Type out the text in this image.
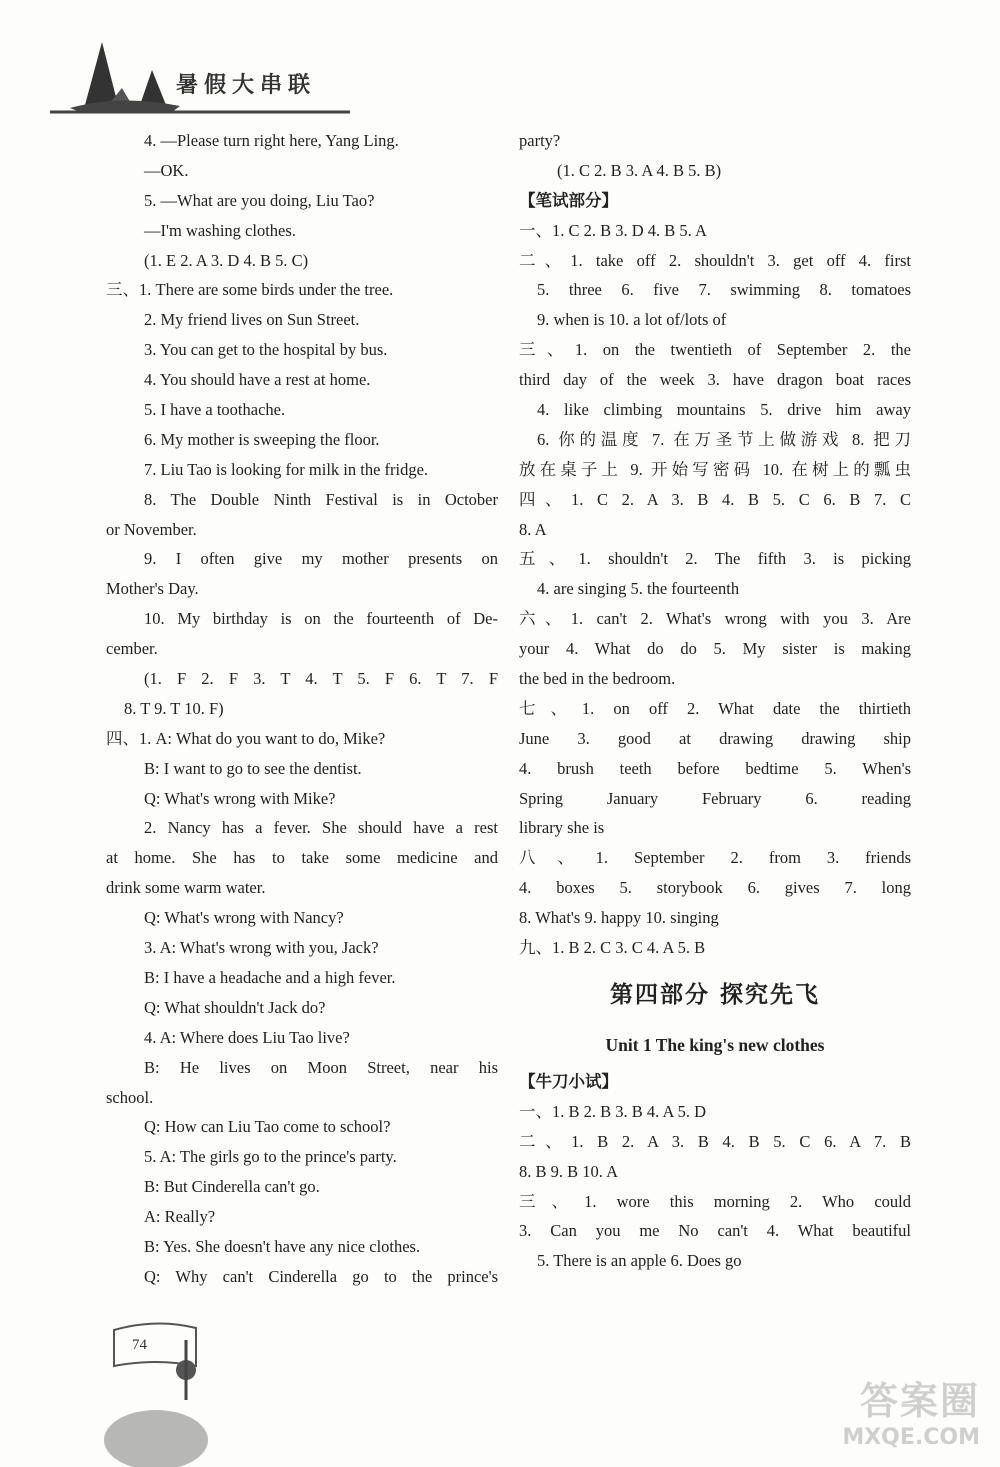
暑假大串联
4. —Please turn right here, Yang Ling.
—OK.
5. —What are you doing, Liu Tao?
—I'm washing clothes.
(1. E 2. A 3. D 4. B 5. C)
三、1. There are some birds under the tree.
2. My friend lives on Sun Street.
3. You can get to the hospital by bus.
4. You should have a rest at home.
5. I have a toothache.
6. My mother is sweeping the floor.
7. Liu Tao is looking for milk in the fridge.
8. The Double Ninth Festival is in October
or November.
9. I often give my mother presents on
Mother's Day.
10. My birthday is on the fourteenth of De-
cember.
(1. F 2. F 3. T 4. T 5. F 6. T 7. F
8. T 9. T 10. F)
四、1. A: What do you want to do, Mike?
B: I want to go to see the dentist.
Q: What's wrong with Mike?
2. Nancy has a fever. She should have a rest
at home. She has to take some medicine and
drink some warm water.
Q: What's wrong with Nancy?
3. A: What's wrong with you, Jack?
B: I have a headache and a high fever.
Q: What shouldn't Jack do?
4. A: Where does Liu Tao live?
B: He lives on Moon Street, near his
school.
Q: How can Liu Tao come to school?
5. A: The girls go to the prince's party.
B: But Cinderella can't go.
A: Really?
B: Yes. She doesn't have any nice clothes.
Q: Why can't Cinderella go to the prince's
party?
(1. C 2. B 3. A 4. B 5. B)
【笔试部分】
一、1. C 2. B 3. D 4. B 5. A
二、1. take off 2. shouldn't 3. get off 4. first
5. three 6. five 7. swimming 8. tomatoes
9. when is 10. a lot of/lots of
三、1. on the twentieth of September 2. the
third day of the week 3. have dragon boat races
4. like climbing mountains 5. drive him away
6. 你的温度 7. 在万圣节上做游戏 8. 把刀
放在桌子上 9. 开始写密码 10. 在树上的瓢虫
四、1. C 2. A 3. B 4. B 5. C 6. B 7. C
8. A
五、1. shouldn't 2. The fifth 3. is picking
4. are singing 5. the fourteenth
六、1. can't 2. What's wrong with you 3. Are
your 4. What do do 5. My sister is making
the bed in the bedroom.
七、1. on off 2. What date the thirtieth
June 3. good at drawing drawing ship
4. brush teeth before bedtime 5. When's
Spring January February 6. reading
library she is
八、1. September 2. from 3. friends
4. boxes 5. storybook 6. gives 7. long
8. What's 9. happy 10. singing
九、1. B 2. C 3. C 4. A 5. B
第四部分 探究先飞
Unit 1 The king's new clothes
【牛刀小试】
一、1. B 2. B 3. B 4. A 5. D
二、1. B 2. A 3. B 4. B 5. C 6. A 7. B
8. B 9. B 10. A
三、1. wore this morning 2. Who could
3. Can you me No can't 4. What beautiful
5. There is an apple 6. Does go
74
答案圈
MXQE.COM
